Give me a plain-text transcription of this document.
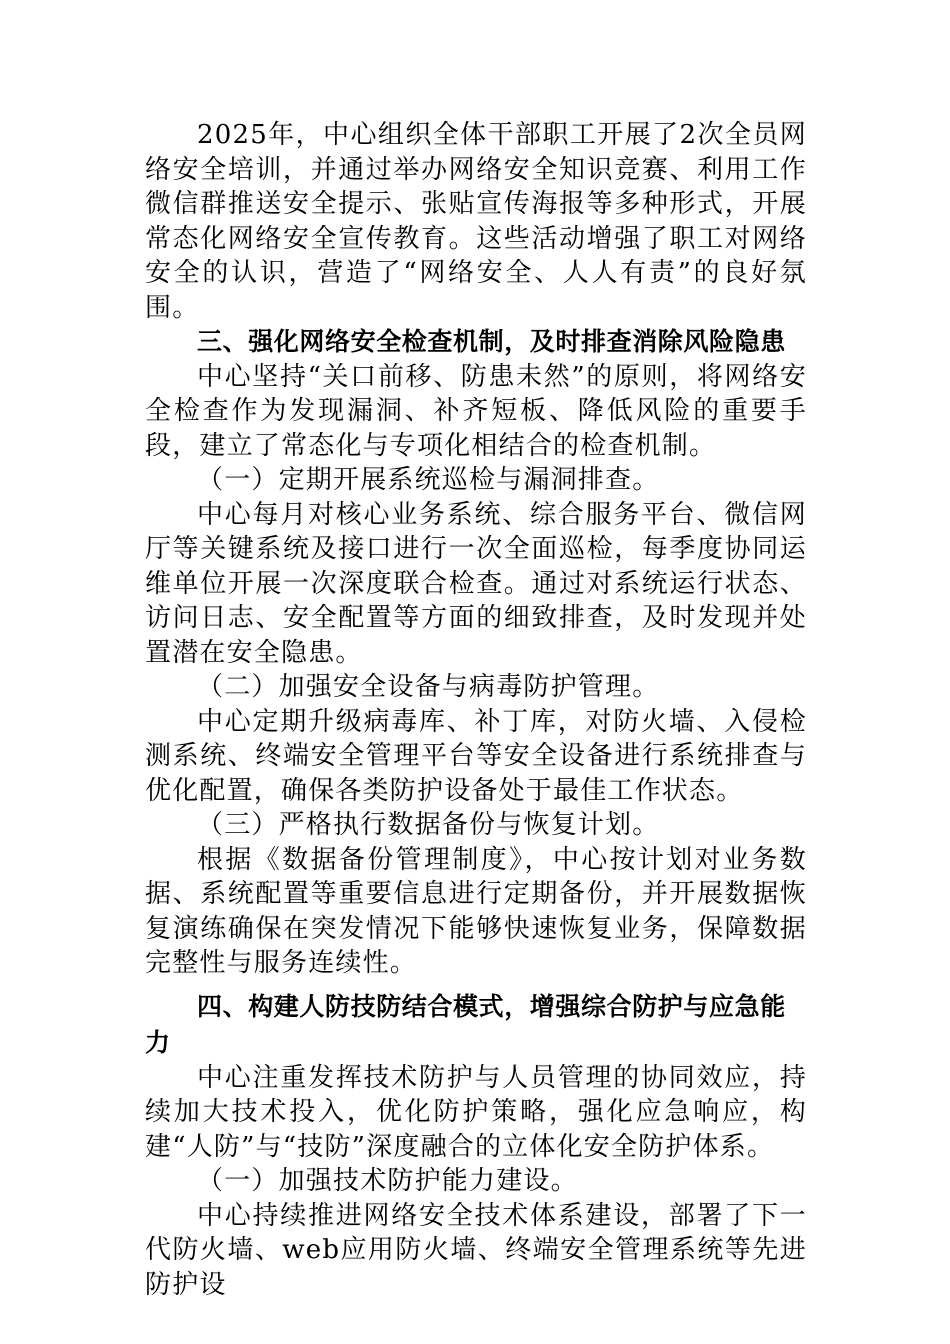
2025年，中心组织全体干部职工开展了2次全员网络安全培训，并通过举办网络安全知识竞赛、利用工作微信群推送安全提示、张贴宣传海报等多种形式，开展常态化网络安全宣传教育。这些活动增强了职工对网络安全的认识，营造了“网络安全、人人有责”的良好氛围。

三、强化网络安全检查机制，及时排查消除风险隐患

中心坚持“关口前移、防患未然”的原则，将网络安全检查作为发现漏洞、补齐短板、降低风险的重要手段，建立了常态化与专项化相结合的检查机制。

（一）定期开展系统巡检与漏洞排查。

中心每月对核心业务系统、综合服务平台、微信网厅等关键系统及接口进行一次全面巡检，每季度协同运维单位开展一次深度联合检查。通过对系统运行状态、访问日志、安全配置等方面的细致排查，及时发现并处置潜在安全隐患。

（二）加强安全设备与病毒防护管理。

中心定期升级病毒库、补丁库，对防火墙、入侵检测系统、终端安全管理平台等安全设备进行系统排查与优化配置，确保各类防护设备处于最佳工作状态。

（三）严格执行数据备份与恢复计划。

根据《数据备份管理制度》，中心按计划对业务数据、系统配置等重要信息进行定期备份，并开展数据恢复演练确保在突发情况下能够快速恢复业务，保障数据完整性与服务连续性。

四、构建人防技防结合模式，增强综合防护与应急能力

中心注重发挥技术防护与人员管理的协同效应，持续加大技术投入，优化防护策略，强化应急响应，构建“人防”与“技防”深度融合的立体化安全防护体系。

（一）加强技术防护能力建设。

中心持续推进网络安全技术体系建设，部署了下一代防火墙、web应用防火墙、终端安全管理系统等先进防护设
